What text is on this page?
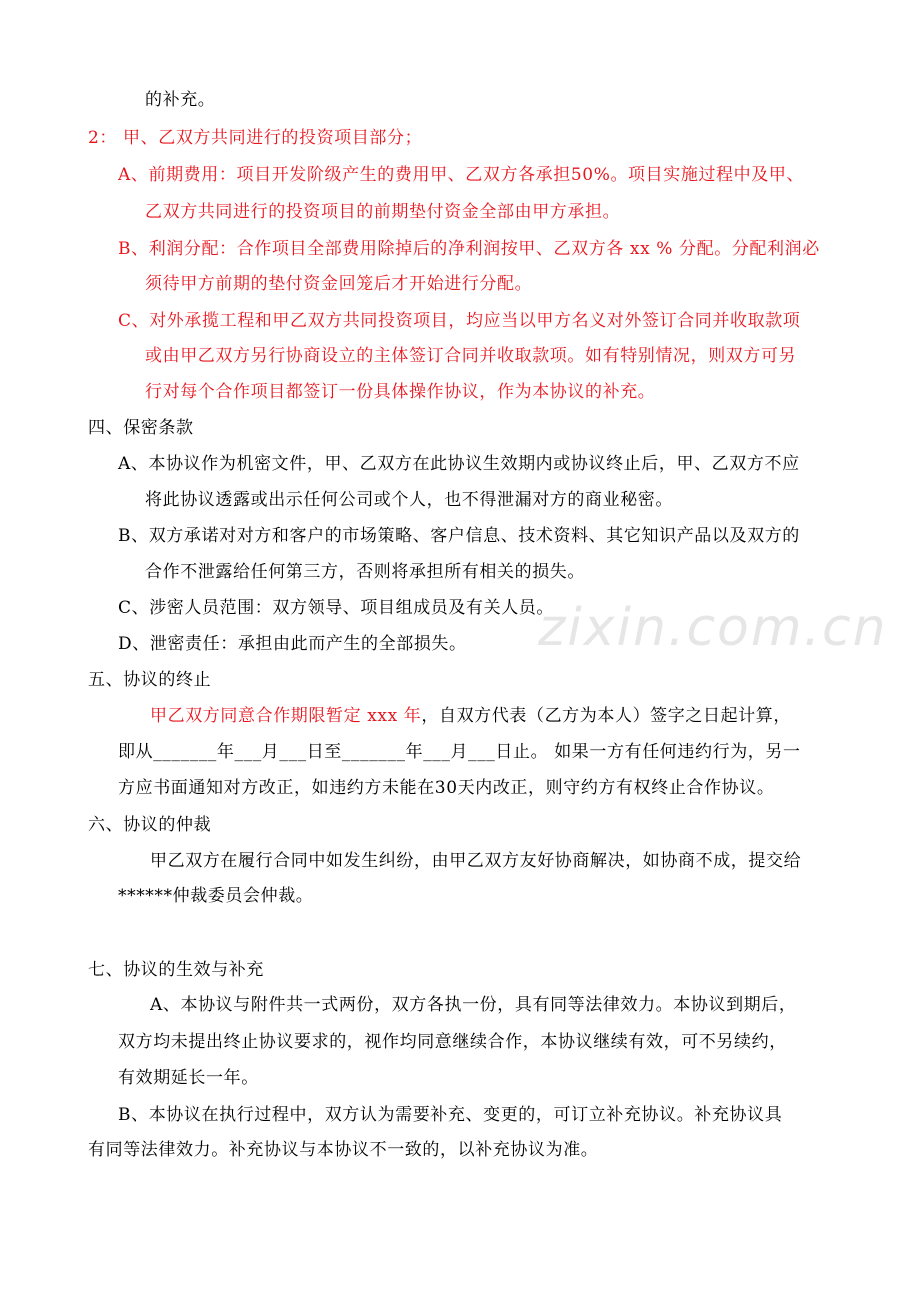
zixin.com.cn
的补充。
2： 甲、乙双方共同进行的投资项目部分；
A、前期费用：项目开发阶级产生的费用甲、乙双方各承担50%。项目实施过程中及甲、
乙双方共同进行的投资项目的前期垫付资金全部由甲方承担。
B、利润分配：合作项目全部费用除掉后的净利润按甲、乙双方各 xx % 分配。分配利润必
须待甲方前期的垫付资金回笼后才开始进行分配。
C、对外承揽工程和甲乙双方共同投资项目，均应当以甲方名义对外签订合同并收取款项
或由甲乙双方另行协商设立的主体签订合同并收取款项。如有特别情况，则双方可另
行对每个合作项目都签订一份具体操作协议，作为本协议的补充。
四、保密条款
A、本协议作为机密文件，甲、乙双方在此协议生效期内或协议终止后，甲、乙双方不应
将此协议透露或出示任何公司或个人，也不得泄漏对方的商业秘密。
B、双方承诺对对方和客户的市场策略、客户信息、技术资料、其它知识产品以及双方的
合作不泄露给任何第三方，否则将承担所有相关的损失。
C、涉密人员范围：双方领导、项目组成员及有关人员。
D、泄密责任：承担由此而产生的全部损失。
五、协议的终止
甲乙双方同意合作期限暂定 xxx 年，自双方代表（乙方为本人）签字之日起计算，
即从_______年___月___日至_______年___月___日止。 如果一方有任何违约行为，另一
方应书面通知对方改正，如违约方未能在30天内改正，则守约方有权终止合作协议。
六、协议的仲裁
甲乙双方在履行合同中如发生纠纷，由甲乙双方友好协商解决，如协商不成，提交给
******仲裁委员会仲裁。
七、协议的生效与补充
A、本协议与附件共一式两份，双方各执一份，具有同等法律效力。本协议到期后，
双方均未提出终止协议要求的，视作均同意继续合作，本协议继续有效，可不另续约，
有效期延长一年。
B、本协议在执行过程中，双方认为需要补充、变更的，可订立补充协议。补充协议具
有同等法律效力。补充协议与本协议不一致的，以补充协议为准。
